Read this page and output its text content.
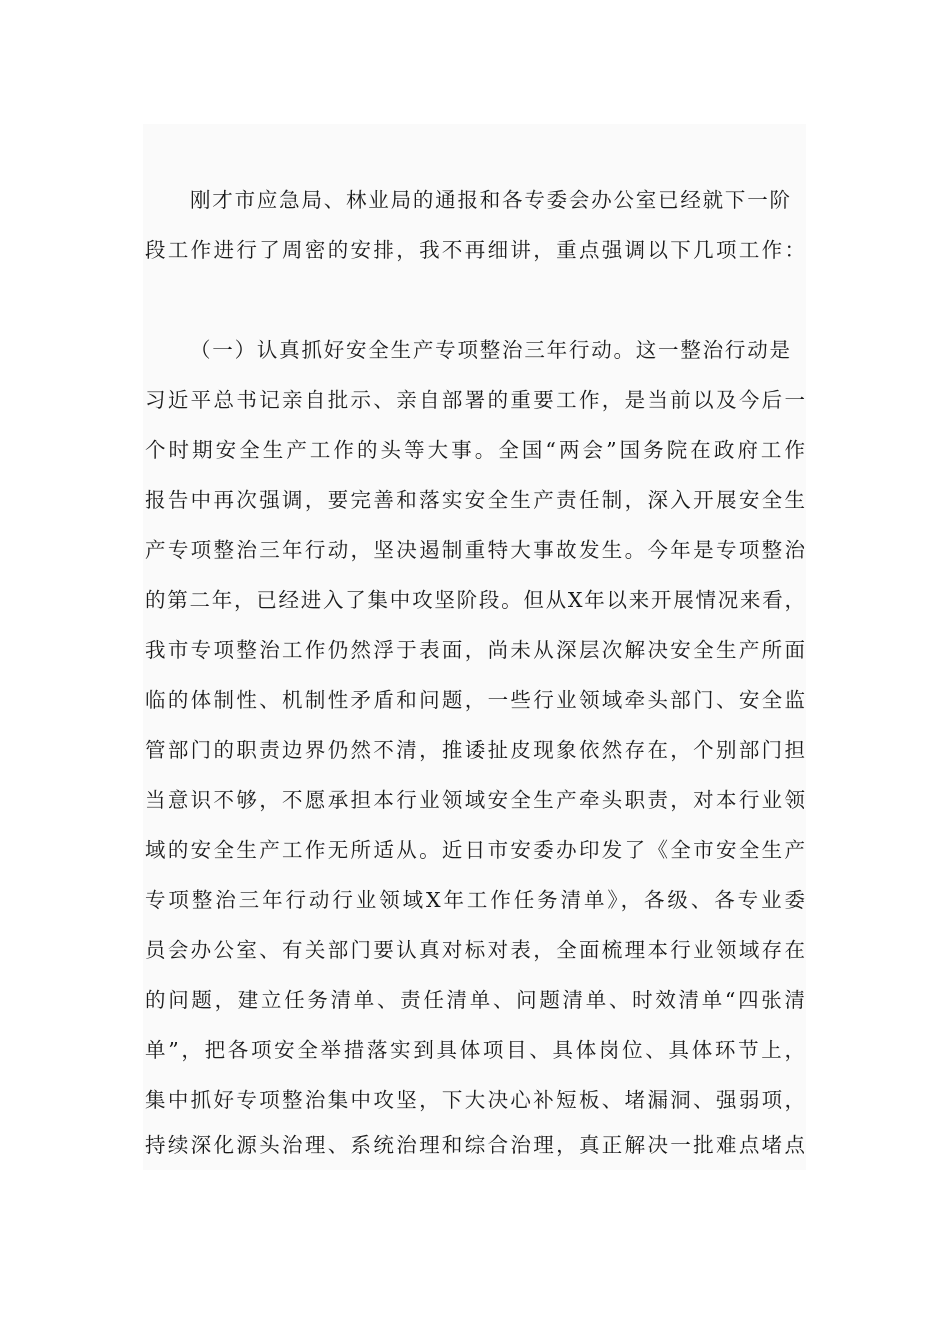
刚才市应急局、林业局的通报和各专委会办公室已经就下一阶
段工作进行了周密的安排，我不再细讲，重点强调以下几项工作：
（一）认真抓好安全生产专项整治三年行动。这一整治行动是
习近平总书记亲自批示、亲自部署的重要工作，是当前以及今后一
个时期安全生产工作的头等大事。全国“两会”国务院在政府工作
报告中再次强调，要完善和落实安全生产责任制，深入开展安全生
产专项整治三年行动，坚决遏制重特大事故发生。今年是专项整治
的第二年，已经进入了集中攻坚阶段。但从X年以来开展情况来看，
我市专项整治工作仍然浮于表面，尚未从深层次解决安全生产所面
临的体制性、机制性矛盾和问题，一些行业领域牵头部门、安全监
管部门的职责边界仍然不清，推诿扯皮现象依然存在，个别部门担
当意识不够，不愿承担本行业领域安全生产牵头职责，对本行业领
域的安全生产工作无所适从。近日市安委办印发了《全市安全生产
专项整治三年行动行业领域X年工作任务清单》，各级、各专业委
员会办公室、有关部门要认真对标对表，全面梳理本行业领域存在
的问题，建立任务清单、责任清单、问题清单、时效清单“四张清
单”，把各项安全举措落实到具体项目、具体岗位、具体环节上，
集中抓好专项整治集中攻坚，下大决心补短板、堵漏洞、强弱项，
持续深化源头治理、系统治理和综合治理，真正解决一批难点堵点
